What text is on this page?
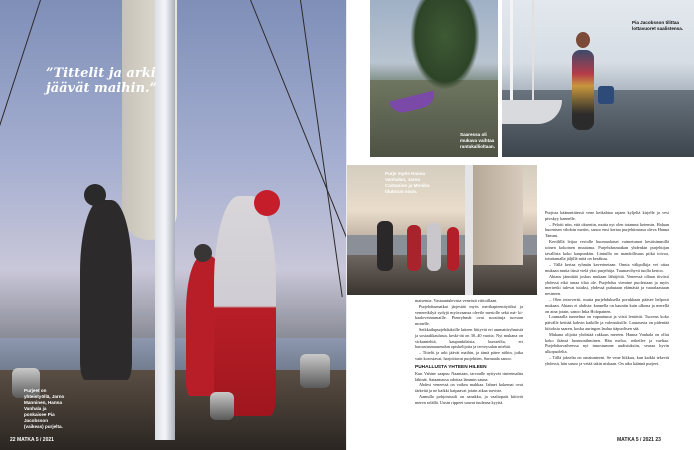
”Tittelit ja arki jäävät maihin.”
Purjeet on yhteistyöllä, Jarno Manninen, Hanna Vanhala ja ponkaisee Pia Jacobsson (vaikeas) purjelta.
22 MATKA 5 / 2021
Saaressa oli mukava vaihtaa rantakallioltaan.
Pia Jacobsson tilittaa lottavuoret saalistensa.
Purje myös Hanna Vanhalan, Jarno Castanion ja Monika tilutorun soon.

maisemia. Vastaantulevista veneistä viittoillaan.

Purjehdusmatkat järjestää myös merikapteenityöiksi ja veneretkilyä sydyjä myösvaansa olevile meriolle sekä mä- ki- kaaloveimumaille. Pienryhmät ovat suosittuja turvaan monelle.

Seikkailupurjehduksille latteen liittyvät eri ammattiryhmistä ja sosiaalikaulusta, keski-iät on 30–40 vuotta. Nyt mukana on virkamiehiä, kaupunkilaisia, kursseilta, eri harrastusmaaseudun opiskelijoita ja terveysalan miehiä.

– Tittelit ja arki jäävät maihin, ja tämä pätee niihin, jotka vain korostavat, harjoittavat purjehtien, Sarmaala sanoo.

PUHALLUSTA YHTEEN HILEEN

Kun Vahine saapuu Naantaan, tarvaalle nyttyvät rinteemaltta lähinät. Sataamassa odottaa lämmin sauna.

Ahdesi veneessä on vaikea mahkaa. Iahnet kokemat ovat tärkeitä ja ne kaikki kaipaavat jotain aikaa tarvitse.

Aamulla pohjoistuuli on sanakka, ja vaaltopaät kiitivät meren selällä. Uusin rippeet saavat tuulensa kyytiä.

Purjista käännettäessä vene keikahtaa rajaen kyljeltä kirjelle ja vesi piirskyy kannelle.

– Pelotti niin, että oksentin, mutta nyt olen totannut ketensin. Haluan huomisen vihdoin meriin, sanoo ensi kertaa purjehtimassa oleva Hanna Tammi.

Kertilillä leijaa veriolle huomaalaiset vaimetumat kesäisimmillä toinen kokoinen muutama. Purjehdusmatkan yhdenkin purjehtijan tavallista koko kaupunkiin. Lintuilla on mandollisuus pitkä toivoa, totuttamalla jäljillä mitä on kesäkuu.

– Tällä kertaa ryhmän kaverinetaan. Onnia välipolkija vei ottaa mukaan mutta tässä vielä yksi purjehtija. Tuumavihyvä tuolla kertoo.

Ahtaus jännittää joskus mukaan lähtijöitä. Veneessä ollaan tiiviisti yhdessä eikä omaa tilaa ole. Purjehdus vieraine puolestaan ja myös meriretki tulevat tutuksi, yhdessä puhutaan elämästä ja vaaralaastaan nesineen.

– Olen introvertti, mutta purjehduksella porukkaan pääsee helposti mukaan. Ahtaus ei ahdista: kannella on kauniin kuin ulkona ja merellä on aina jotain, sanoo Inka Holopainen.

Loumaalla tunnelma on vapautunut ja vitsit lentävät. Tuoreus koko päivälle keittää kahvin kaikille ja vahvuuksille. Lautasesta on pidentää kiitoksia saaren, koska auringon laulua itäpuolisen sää.

Mukana olijoita yhdistää rakkaus mereen. Hanna Vanhala on ollut koko ikänsä luonnonihminen. Hän meloo, retkeilee ja vaeltaa. Purjehdusvaiheessa nyt innostumme uudistuksiin, seuraa hyvin ulkopuolelta.

– Tällä jakselta on omatunteeni. Se vene liikkuu, kun kaikki tekevät yhdessä, hän sanoo ja vetää takin niskaan. On aika käännä purjeet.

MATKA 5 / 2021 23
